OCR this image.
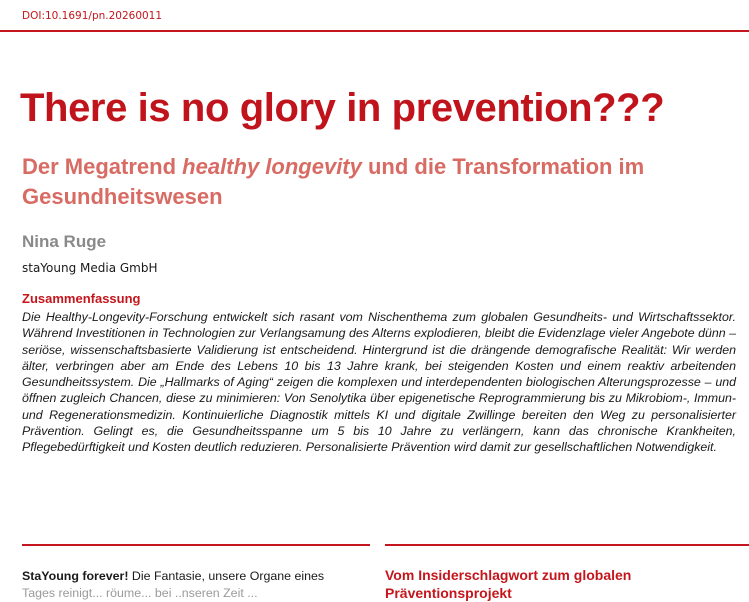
DOI:10.1691/pn.20260011
There is no glory in prevention???
Der Megatrend healthy longevity und die Transformation im Gesundheitswesen
Nina Ruge
staYoung Media GmbH
Zusammenfassung

Die Healthy-Longevity-Forschung entwickelt sich rasant vom Nischenthema zum globalen Gesundheits- und Wirtschaftssektor. Während Investitionen in Technologien zur Verlangsamung des Alterns explodieren, bleibt die Evidenzlage vieler Angebote dünn – seriöse, wissenschaftsbasierte Validierung ist entscheidend. Hintergrund ist die drängende demografische Realität: Wir werden älter, verbringen aber am Ende des Lebens 10 bis 13 Jahre krank, bei steigenden Kosten und einem reaktiv arbeitenden Gesundheitssystem. Die „Hallmarks of Aging“ zeigen die komplexen und interdependenten biologischen Alterungsprozesse – und öffnen zugleich Chancen, diese zu minimieren: Von Senolytika über epigenetische Reprogrammierung bis zu Mikrobiom-, Immun- und Regenerationsmedizin. Kontinuierliche Diagnostik mittels KI und digitale Zwillinge bereiten den Weg zu personalisierter Prävention. Gelingt es, die Gesundheitsspanne um 5 bis 10 Jahre zu verlängern, kann das chronische Krankheiten, Pflegebedürftigkeit und Kosten deutlich reduzieren. Personalisierte Prävention wird damit zur gesellschaftlichen Notwendigkeit.

StaYoung forever! Die Fantasie, unsere Organe eines
Tages reinigt... röume... bei ..nseren Zeit ...

Vom Insiderschlagwort zum globalen
Präventionsprojekt
